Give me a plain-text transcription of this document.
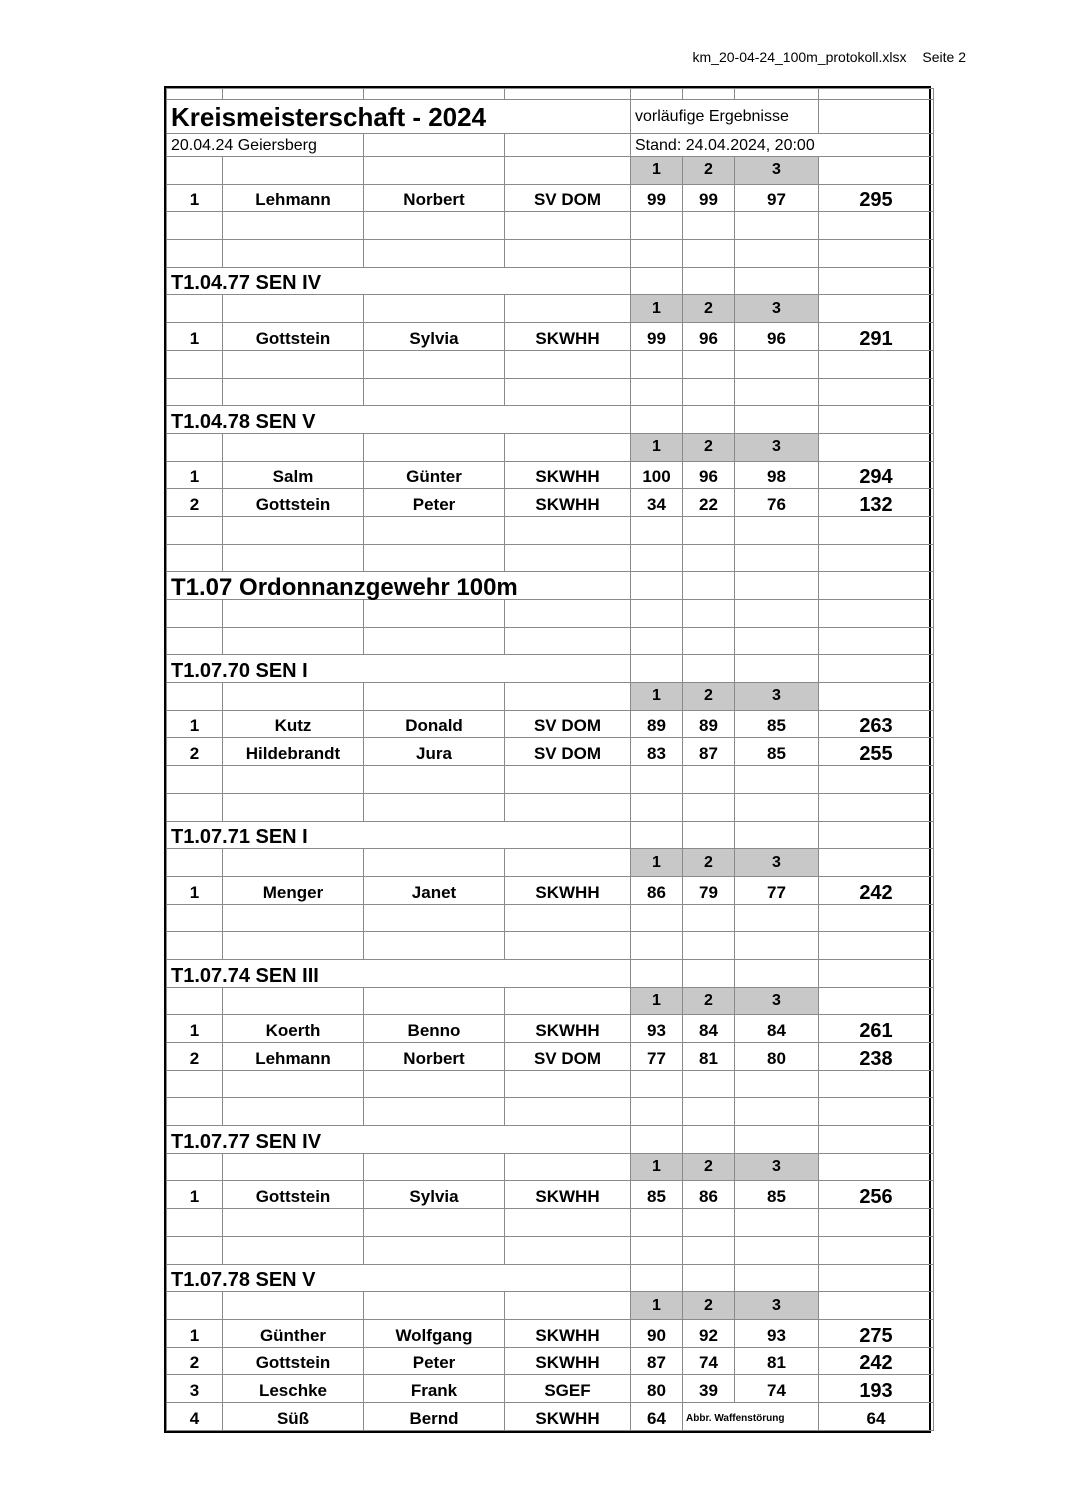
km_20-04-24_100m_protokoll.xlsx Seite 2

Kreismeisterschaft - 2024				vorläufige Ergebnisse			
20.04.24 Geiersberg				Stand: 24.04.2024, 20:00			
				1	2	3	
1	Lehmann	Norbert	SV DOM	99	99	97	295

T1.04.77 SEN IV							
				1	2	3	
1	Gottstein	Sylvia	SKWHH	99	96	96	291

T1.04.78 SEN V							
				1	2	3	
1	Salm	Günter	SKWHH	100	96	98	294
2	Gottstein	Peter	SKWHH	34	22	76	132

T1.07 Ordonnanzgewehr 100m							

T1.07.70 SEN I							
				1	2	3	
1	Kutz	Donald	SV DOM	89	89	85	263
2	Hildebrandt	Jura	SV DOM	83	87	85	255

T1.07.71 SEN I							
				1	2	3	
1	Menger	Janet	SKWHH	86	79	77	242

T1.07.74 SEN III							
				1	2	3	
1	Koerth	Benno	SKWHH	93	84	84	261
2	Lehmann	Norbert	SV DOM	77	81	80	238

T1.07.77 SEN IV							
				1	2	3	
1	Gottstein	Sylvia	SKWHH	85	86	85	256

T1.07.78 SEN V							
				1	2	3	
1	Günther	Wolfgang	SKWHH	90	92	93	275
2	Gottstein	Peter	SKWHH	87	74	81	242
3	Leschke	Frank	SGEF	80	39	74	193
4	Süß	Bernd	SKWHH	64	Abbr. Waffenstörung		64
